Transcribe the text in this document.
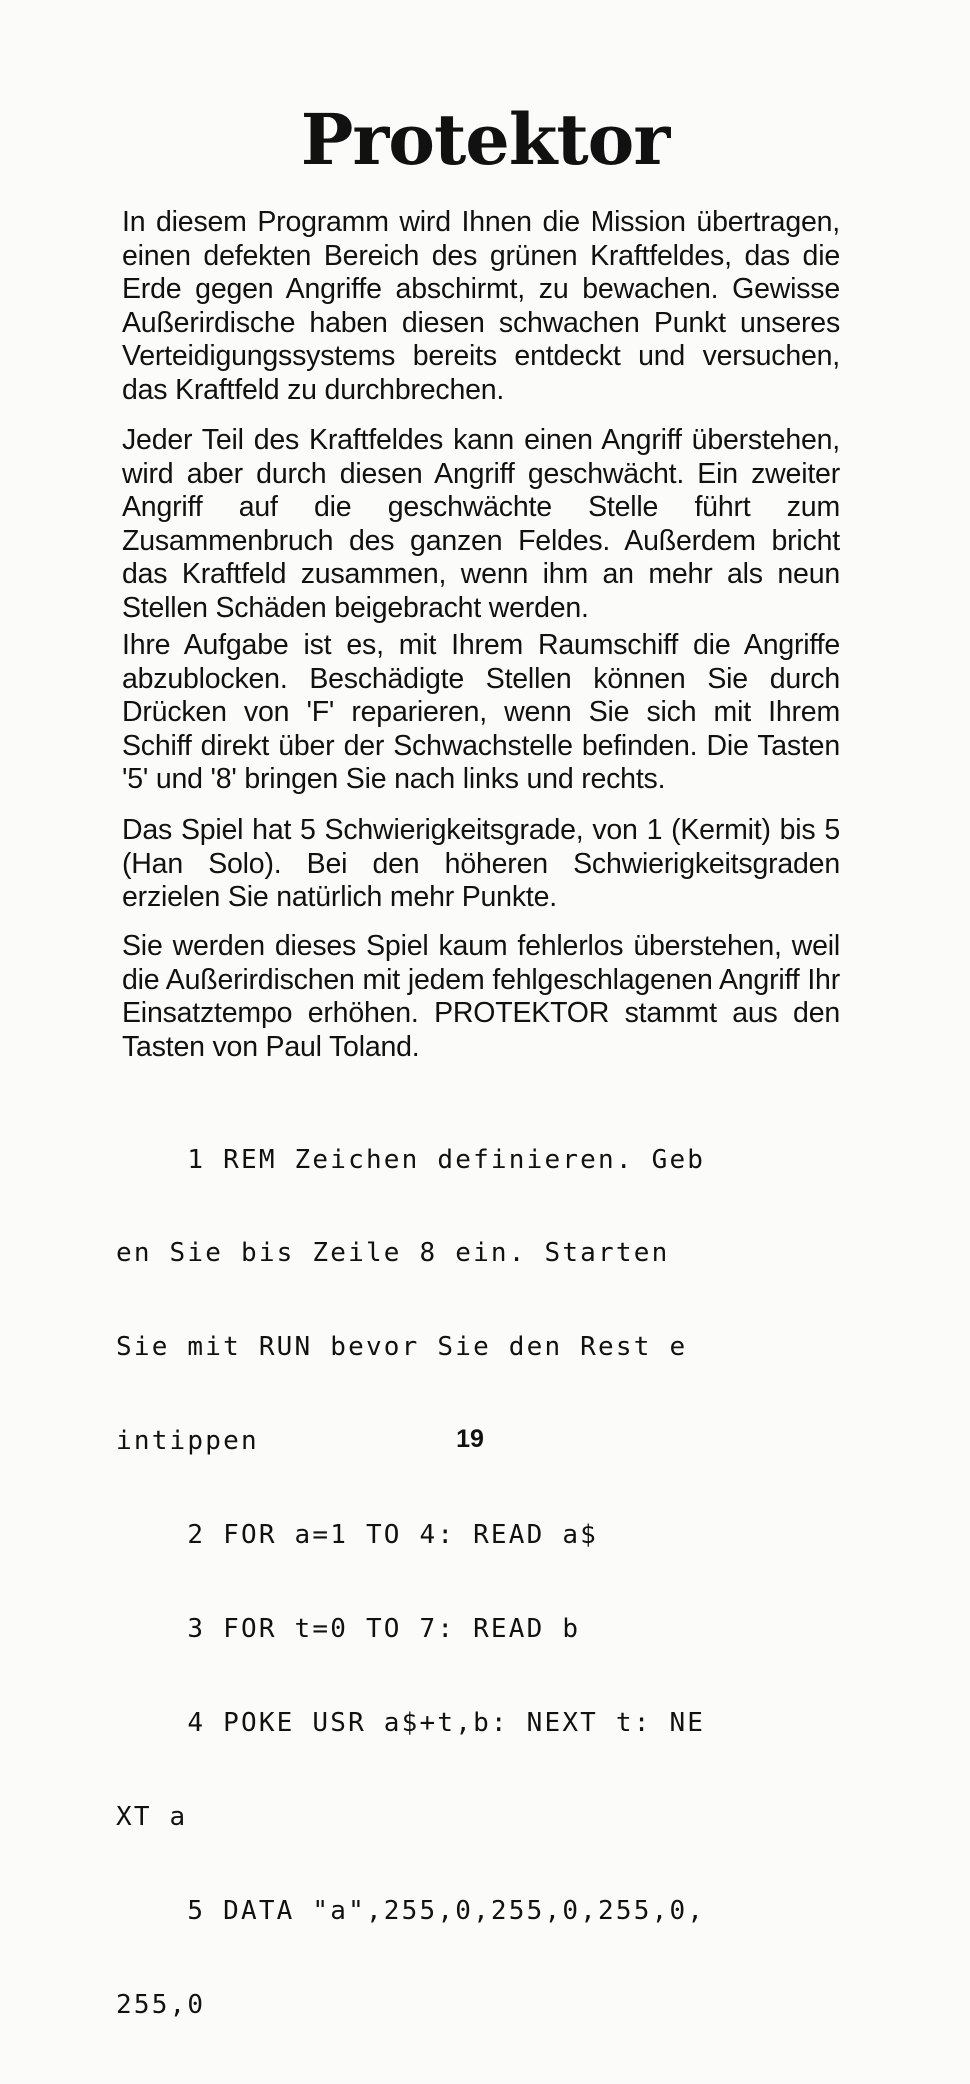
Protektor

In diesem Programm wird Ihnen die Mission übertragen, einen defekten Bereich des grünen Kraftfeldes, das die Erde gegen Angriffe abschirmt, zu bewachen. Gewisse Außerirdische haben diesen schwachen Punkt unseres Verteidigungssystems bereits entdeckt und versuchen, das Kraftfeld zu durchbrechen.

Jeder Teil des Kraftfeldes kann einen Angriff überstehen, wird aber durch diesen Angriff geschwächt. Ein zweiter Angriff auf die geschwächte Stelle führt zum Zusammenbruch des ganzen Feldes. Außerdem bricht das Kraftfeld zusammen, wenn ihm an mehr als neun Stellen Schäden beigebracht werden.

Ihre Aufgabe ist es, mit Ihrem Raumschiff die Angriffe abzublocken. Beschädigte Stellen können Sie durch Drücken von 'F' reparieren, wenn Sie sich mit Ihrem Schiff direkt über der Schwachstelle befinden. Die Tasten '5' und '8' bringen Sie nach links und rechts.

Das Spiel hat 5 Schwierigkeitsgrade, von 1 (Kermit) bis 5 (Han Solo). Bei den höheren Schwierigkeitsgraden erzielen Sie natürlich mehr Punkte.

Sie werden dieses Spiel kaum fehlerlos überstehen, weil die Außerirdischen mit jedem fehlgeschlagenen Angriff Ihr Einsatztempo erhöhen. PROTEKTOR stammt aus den Tasten von Paul Toland.

1 REM Zeichen definieren. Geb

en Sie bis Zeile 8 ein. Starten

Sie mit RUN bevor Sie den Rest e

intippen

2 FOR a=1 TO 4: READ a$

3 FOR t=0 TO 7: READ b

4 POKE USR a$+t,b: NEXT t: NE

XT a

5 DATA "a",255,0,255,0,255,0,

255,0

19
